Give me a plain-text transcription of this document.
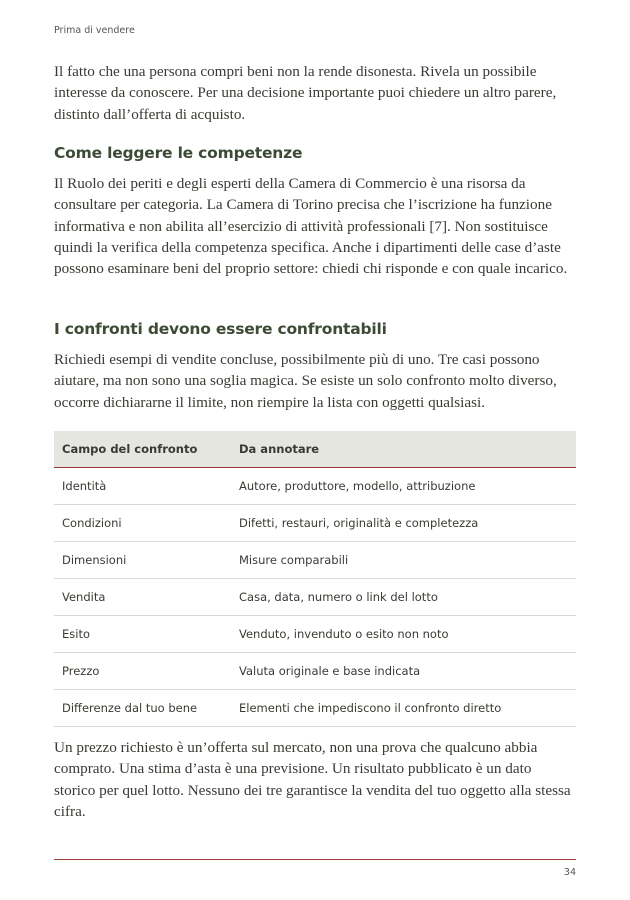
Prima di vendere

Il fatto che una persona compri beni non la rende disonesta. Rivela un possibile interesse da conoscere. Per una decisione importante puoi chiedere un altro parere, distinto dall’offerta di acquisto.

Come leggere le competenze

Il Ruolo dei periti e degli esperti della Camera di Commercio è una risorsa da consultare per categoria. La Camera di Torino precisa che l’iscrizione ha funzione informativa e non abilita all’esercizio di attività professionali [7]. Non sostituisce quindi la verifica della competenza specifica. Anche i dipartimenti delle case d’aste possono esaminare beni del proprio settore: chiedi chi risponde e con quale incarico.

I confronti devono essere confrontabili

Richiedi esempi di vendite concluse, possibilmente più di uno. Tre casi possono aiutare, ma non sono una soglia magica. Se esiste un solo confronto molto diverso, occorre dichiararne il limite, non riempire la lista con oggetti qualsiasi.

Campo del confronto	Da annotare
Identità	Autore, produttore, modello, attribuzione
Condizioni	Difetti, restauri, originalità e completezza
Dimensioni	Misure comparabili
Vendita	Casa, data, numero o link del lotto
Esito	Venduto, invenduto o esito non noto
Prezzo	Valuta originale e base indicata
Differenze dal tuo bene	Elementi che impediscono il confronto diretto

Un prezzo richiesto è un’offerta sul mercato, non una prova che qualcuno abbia comprato. Una stima d’asta è una previsione. Un risultato pubblicato è un dato storico per quel lotto. Nessuno dei tre garantisce la vendita del tuo oggetto alla stessa cifra.

34
